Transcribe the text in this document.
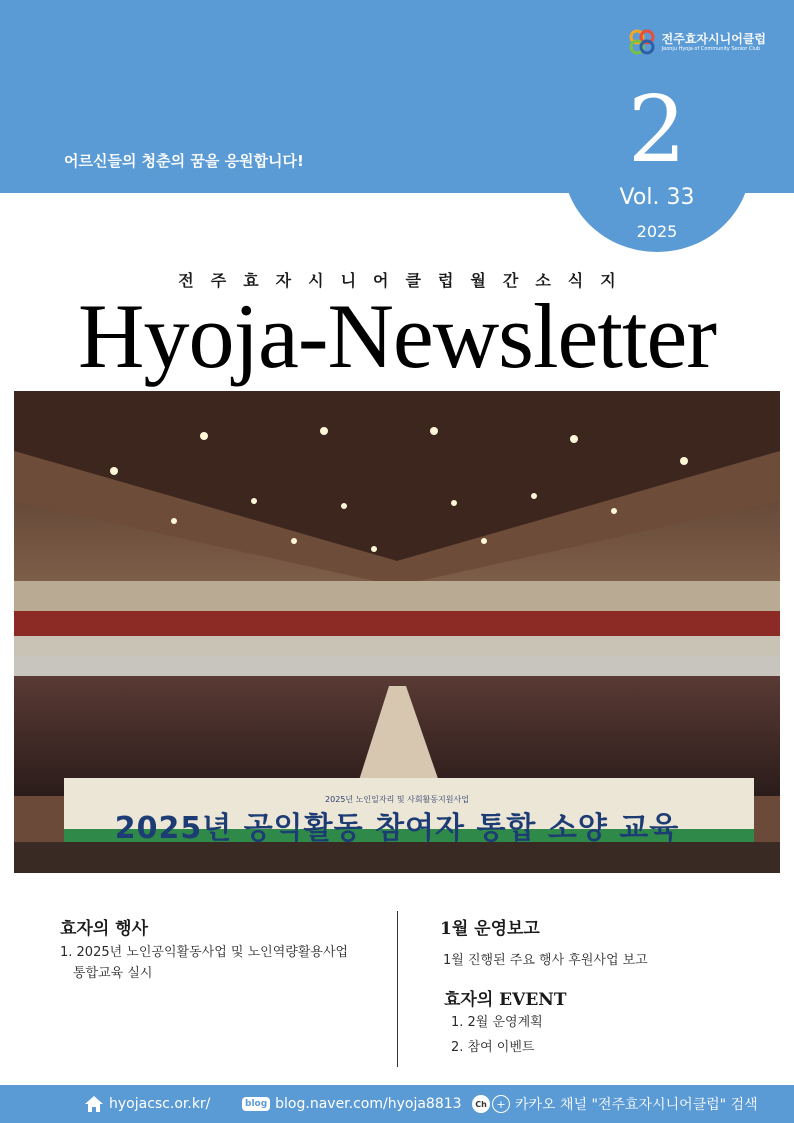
전주효자시니어클럽
Jeonju Hyoja of Community Senior Club
어르신들의 청춘의 꿈을 응원합니다!	2
Vol. 33
2025
전주효자시니어클럽월간소식지
Hyoja-Newsletter
2025년 노인일자리 및 사회활동지원사업
2025년 공익활동 참여자 통합 소양 교육
효자의 행사
1. 2025년 노인공익활동사업 및 노인역량활용사업
통합교육 실시
1월 운영보고
1월 진행된 주요 행사 후원사업 보고
효자의 EVENT
1. 2월 운영계획
2. 참여 이벤트
hyojacsc.or.kr/	blog blog.naver.com/hyoja8813	Ch + 카카오 채널 "전주효자시니어클럽" 검색
